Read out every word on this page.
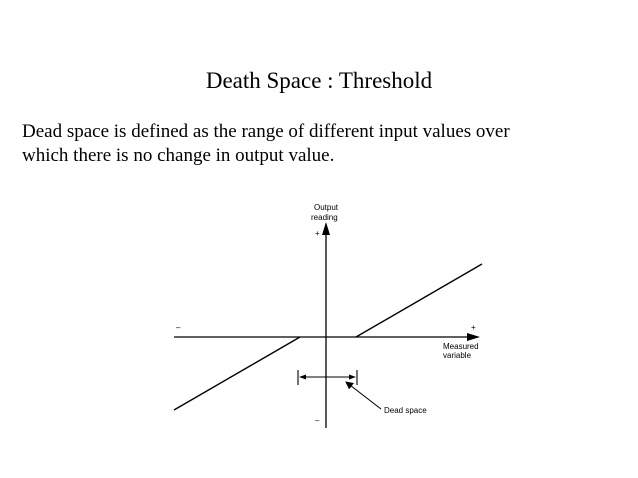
Death Space : Threshold
Dead space is defined as the range of different input values over
which there is no change in output value.
Output
reading
+
–
–	+
Measured
variable
Dead space
